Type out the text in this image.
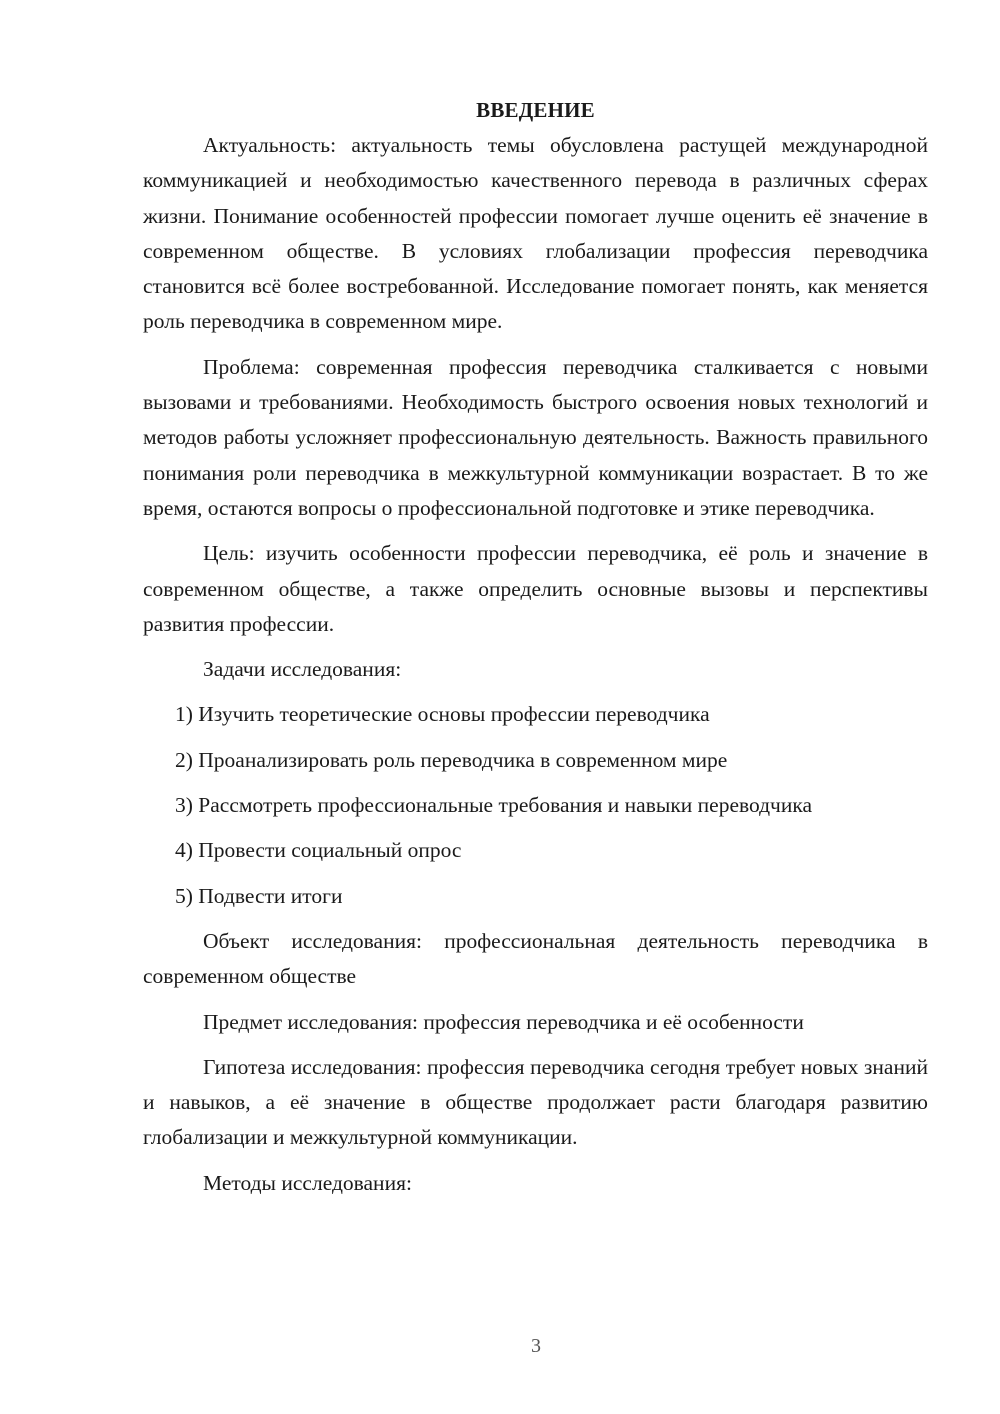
ВВЕДЕНИЕ

Актуальность: актуальность темы обусловлена растущей международной коммуникацией и необходимостью качественного перевода в различных сферах жизни. Понимание особенностей профессии помогает лучше оценить её значение в современном обществе. В условиях глобализации профессия переводчика становится всё более востребованной. Исследование помогает понять, как меняется роль переводчика в современном мире.

Проблема: современная профессия переводчика сталкивается с новыми вызовами и требованиями. Необходимость быстрого освоения новых технологий и методов работы усложняет профессиональную деятельность. Важность правильного понимания роли переводчика в межкультурной коммуникации возрастает. В то же время, остаются вопросы о профессиональной подготовке и этике переводчика.

Цель: изучить особенности профессии переводчика, её роль и значение в современном обществе, а также определить основные вызовы и перспективы развития профессии.

Задачи исследования:

1) Изучить теоретические основы профессии переводчика
2) Проанализировать роль переводчика в современном мире
3) Рассмотреть профессиональные требования и навыки переводчика
4) Провести социальный опрос
5) Подвести итоги

Объект исследования: профессиональная деятельность переводчика в современном обществе

Предмет исследования: профессия переводчика и её особенности

Гипотеза исследования: профессия переводчика сегодня требует новых знаний и навыков, а её значение в обществе продолжает расти благодаря развитию глобализации и межкультурной коммуникации.

Методы исследования:

3
